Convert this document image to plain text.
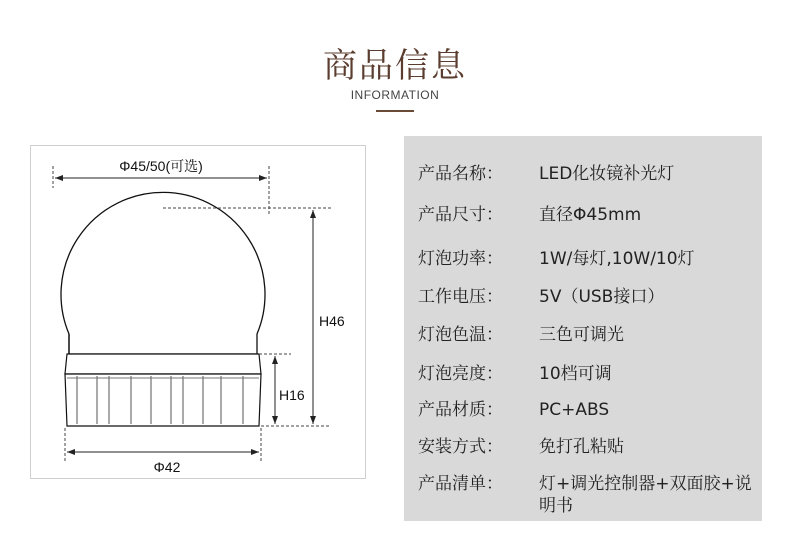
商品信息
INFORMATION
Φ45/50(可选)
H46
H16
Φ42
产品名称：	LED化妆镜补光灯
产品尺寸：	直径Φ45mm
灯泡功率：	1W/每灯,10W/10灯
工作电压：	5V（USB接口）
灯泡色温：	三色可调光
灯泡亮度：	10档可调
产品材质：	PC+ABS
安装方式：	免打孔粘贴
产品清单：	灯+调光控制器+双面胶+说明书
